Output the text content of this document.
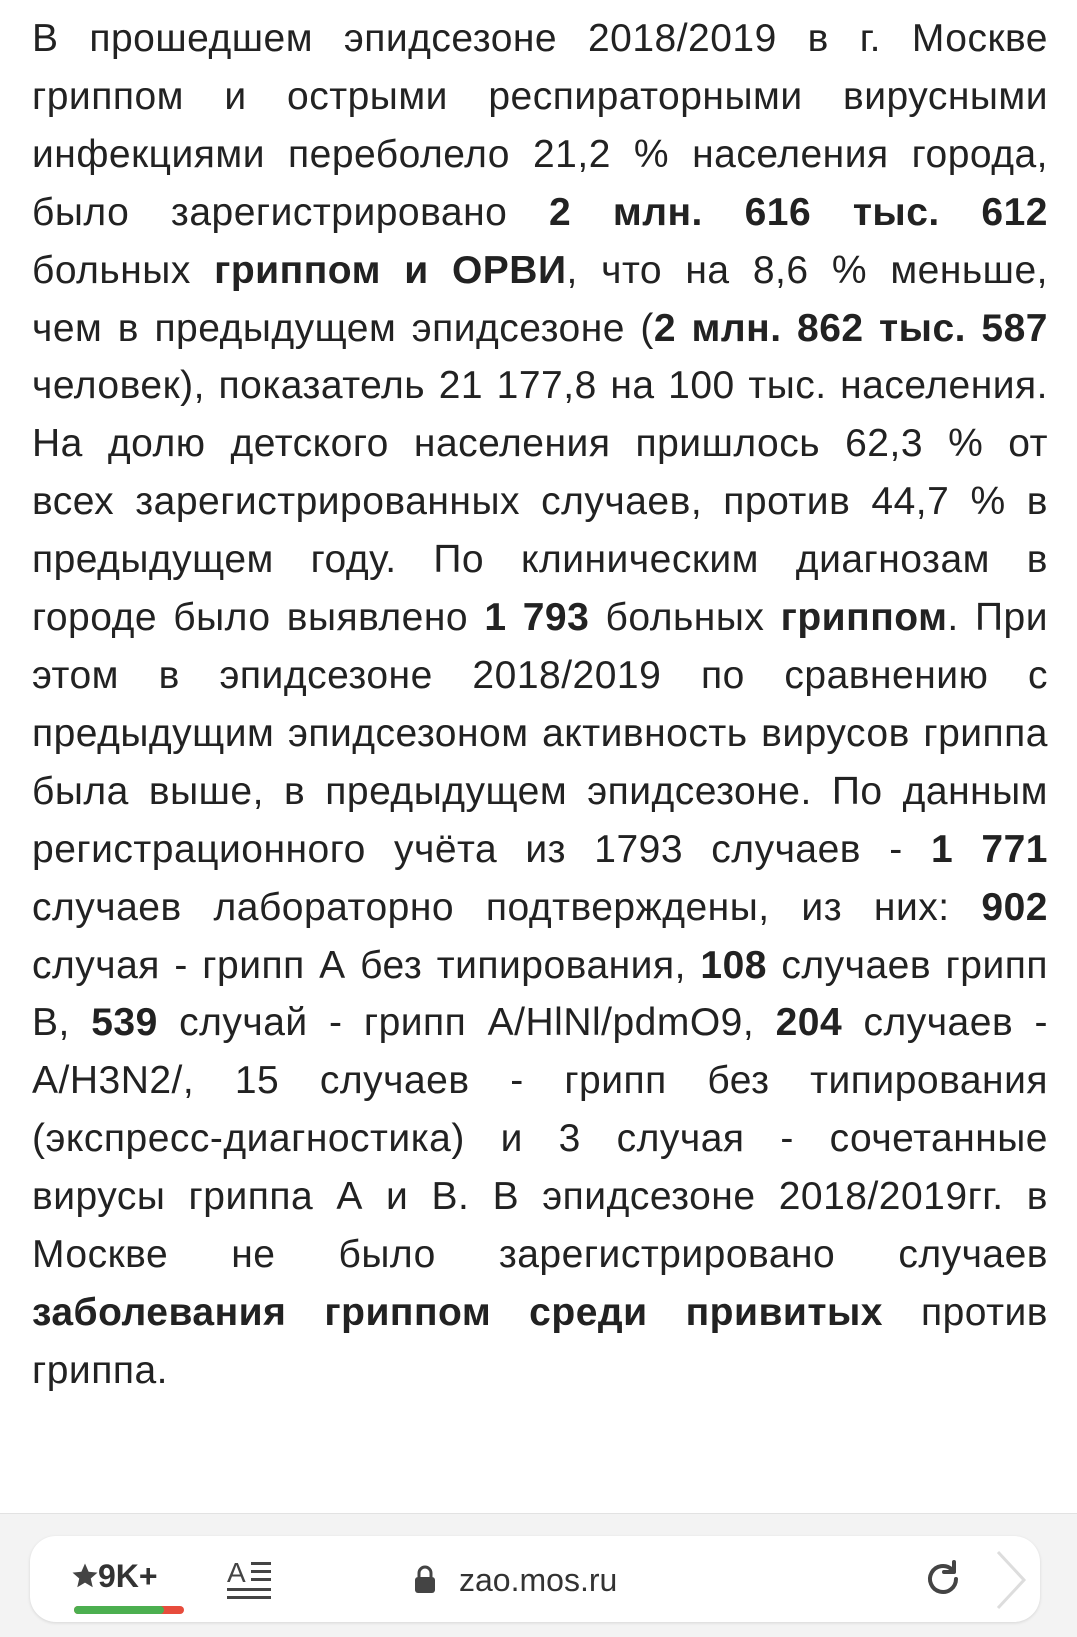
В прошедшем эпидсезоне 2018/2019 в г. Москве гриппом и острыми респираторными вирусными инфекциями переболело 21,2 % населения города, было зарегистрировано 2 млн. 616 тыс. 612 больных гриппом и ОРВИ, что на 8,6 % меньше, чем в предыдущем эпидсезоне (2 млн. 862 тыс. 587 человек), показатель 21 177,8 на 100 тыс. населения. На долю детского населения пришлось 62,3 % от всех зарегистрированных случаев, против 44,7 % в предыдущем году. По клиническим диагнозам в городе было выявлено 1 793 больных гриппом. При этом в эпидсезоне 2018/2019 по сравнению с предыдущим эпидсезоном активность вирусов гриппа была выше, в предыдущем эпидсезоне. По данным регистрационного учёта из 1793 случаев - 1 771 случаев лабораторно подтверждены, из них: 902 случая - грипп А без типирования, 108 случаев грипп В, 539 случай - грипп A/HlNl/pdmO9, 204 случаев - A/H3N2/, 15 случаев - грипп без типирования (экспресс-диагностика) и 3 случая - сочетанные вирусы гриппа А и В. В эпидсезоне 2018/2019гг. в Москве не было зарегистрировано случаев заболевания гриппом среди привитых против гриппа.

9K+ A	zao.mos.ru
